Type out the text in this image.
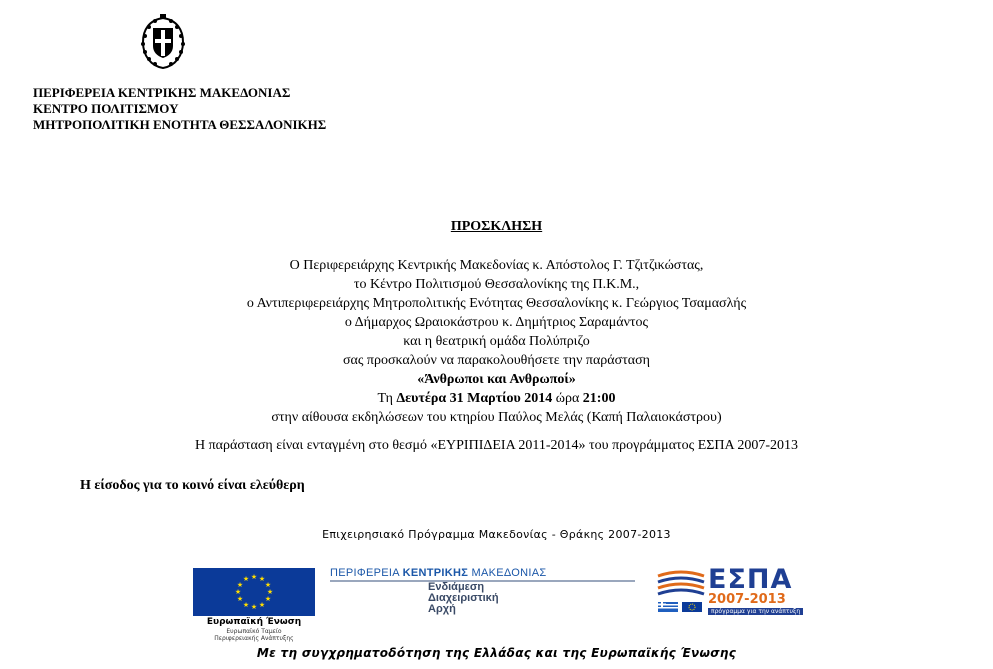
ΠΕΡΙΦΕΡΕΙΑ ΚΕΝΤΡΙΚΗΣ ΜΑΚΕΔΟΝΙΑΣ
ΚΕΝΤΡΟ ΠΟΛΙΤΙΣΜΟΥ
ΜΗΤΡΟΠΟΛΙΤΙΚΗ ΕΝΟΤΗΤΑ ΘΕΣΣΑΛΟΝΙΚΗΣ
ΠΡΟΣΚΛΗΣΗ
Ο Περιφερειάρχης Κεντρικής Μακεδονίας κ. Απόστολος Γ. Τζιτζικώστας,
το Κέντρο Πολιτισμού Θεσσαλονίκης της Π.Κ.Μ.,
ο Αντιπεριφερειάρχης Μητροπολιτικής Ενότητας Θεσσαλονίκης κ. Γεώργιος Τσαμασλής
ο Δήμαρχος Ωραιοκάστρου κ. Δημήτριος Σαραμάντος
και η θεατρική ομάδα Πολύπριζο
σας προσκαλούν να παρακολουθήσετε την παράσταση
«Άνθρωποι και Ανθρωποί»
Τη Δευτέρα 31 Μαρτίου 2014 ώρα 21:00
στην αίθουσα εκδηλώσεων του κτηρίου Παύλος Μελάς (Καπή Παλαιοκάστρου)
Η παράσταση είναι ενταγμένη στο θεσμό «ΕΥΡΙΠΙΔΕΙΑ 2011-2014» του προγράμματος ΕΣΠΑ 2007-2013
Η είσοδος για το κοινό είναι ελεύθερη
Επιχειρησιακό Πρόγραμμα Μακεδονίας - Θράκης 2007-2013
★ ★
★
★
★
★
★
★
★
★
★
★
Ευρωπαϊκή Ένωση
Ευρωπαϊκό Ταμείο
Περιφερειακής Ανάπτυξης
ΠΕΡΙΦΕΡΕΙΑ ΚΕΝΤΡΙΚΗΣ ΜΑΚΕΔΟΝΙΑΣ
Ενδιάμεση
Διαχειριστική
Αρχή
ΕΣΠΑ
2007-2013
πρόγραμμα για την ανάπτυξη
Με τη συγχρηματοδότηση της Ελλάδας και της Ευρωπαϊκής Ένωσης
